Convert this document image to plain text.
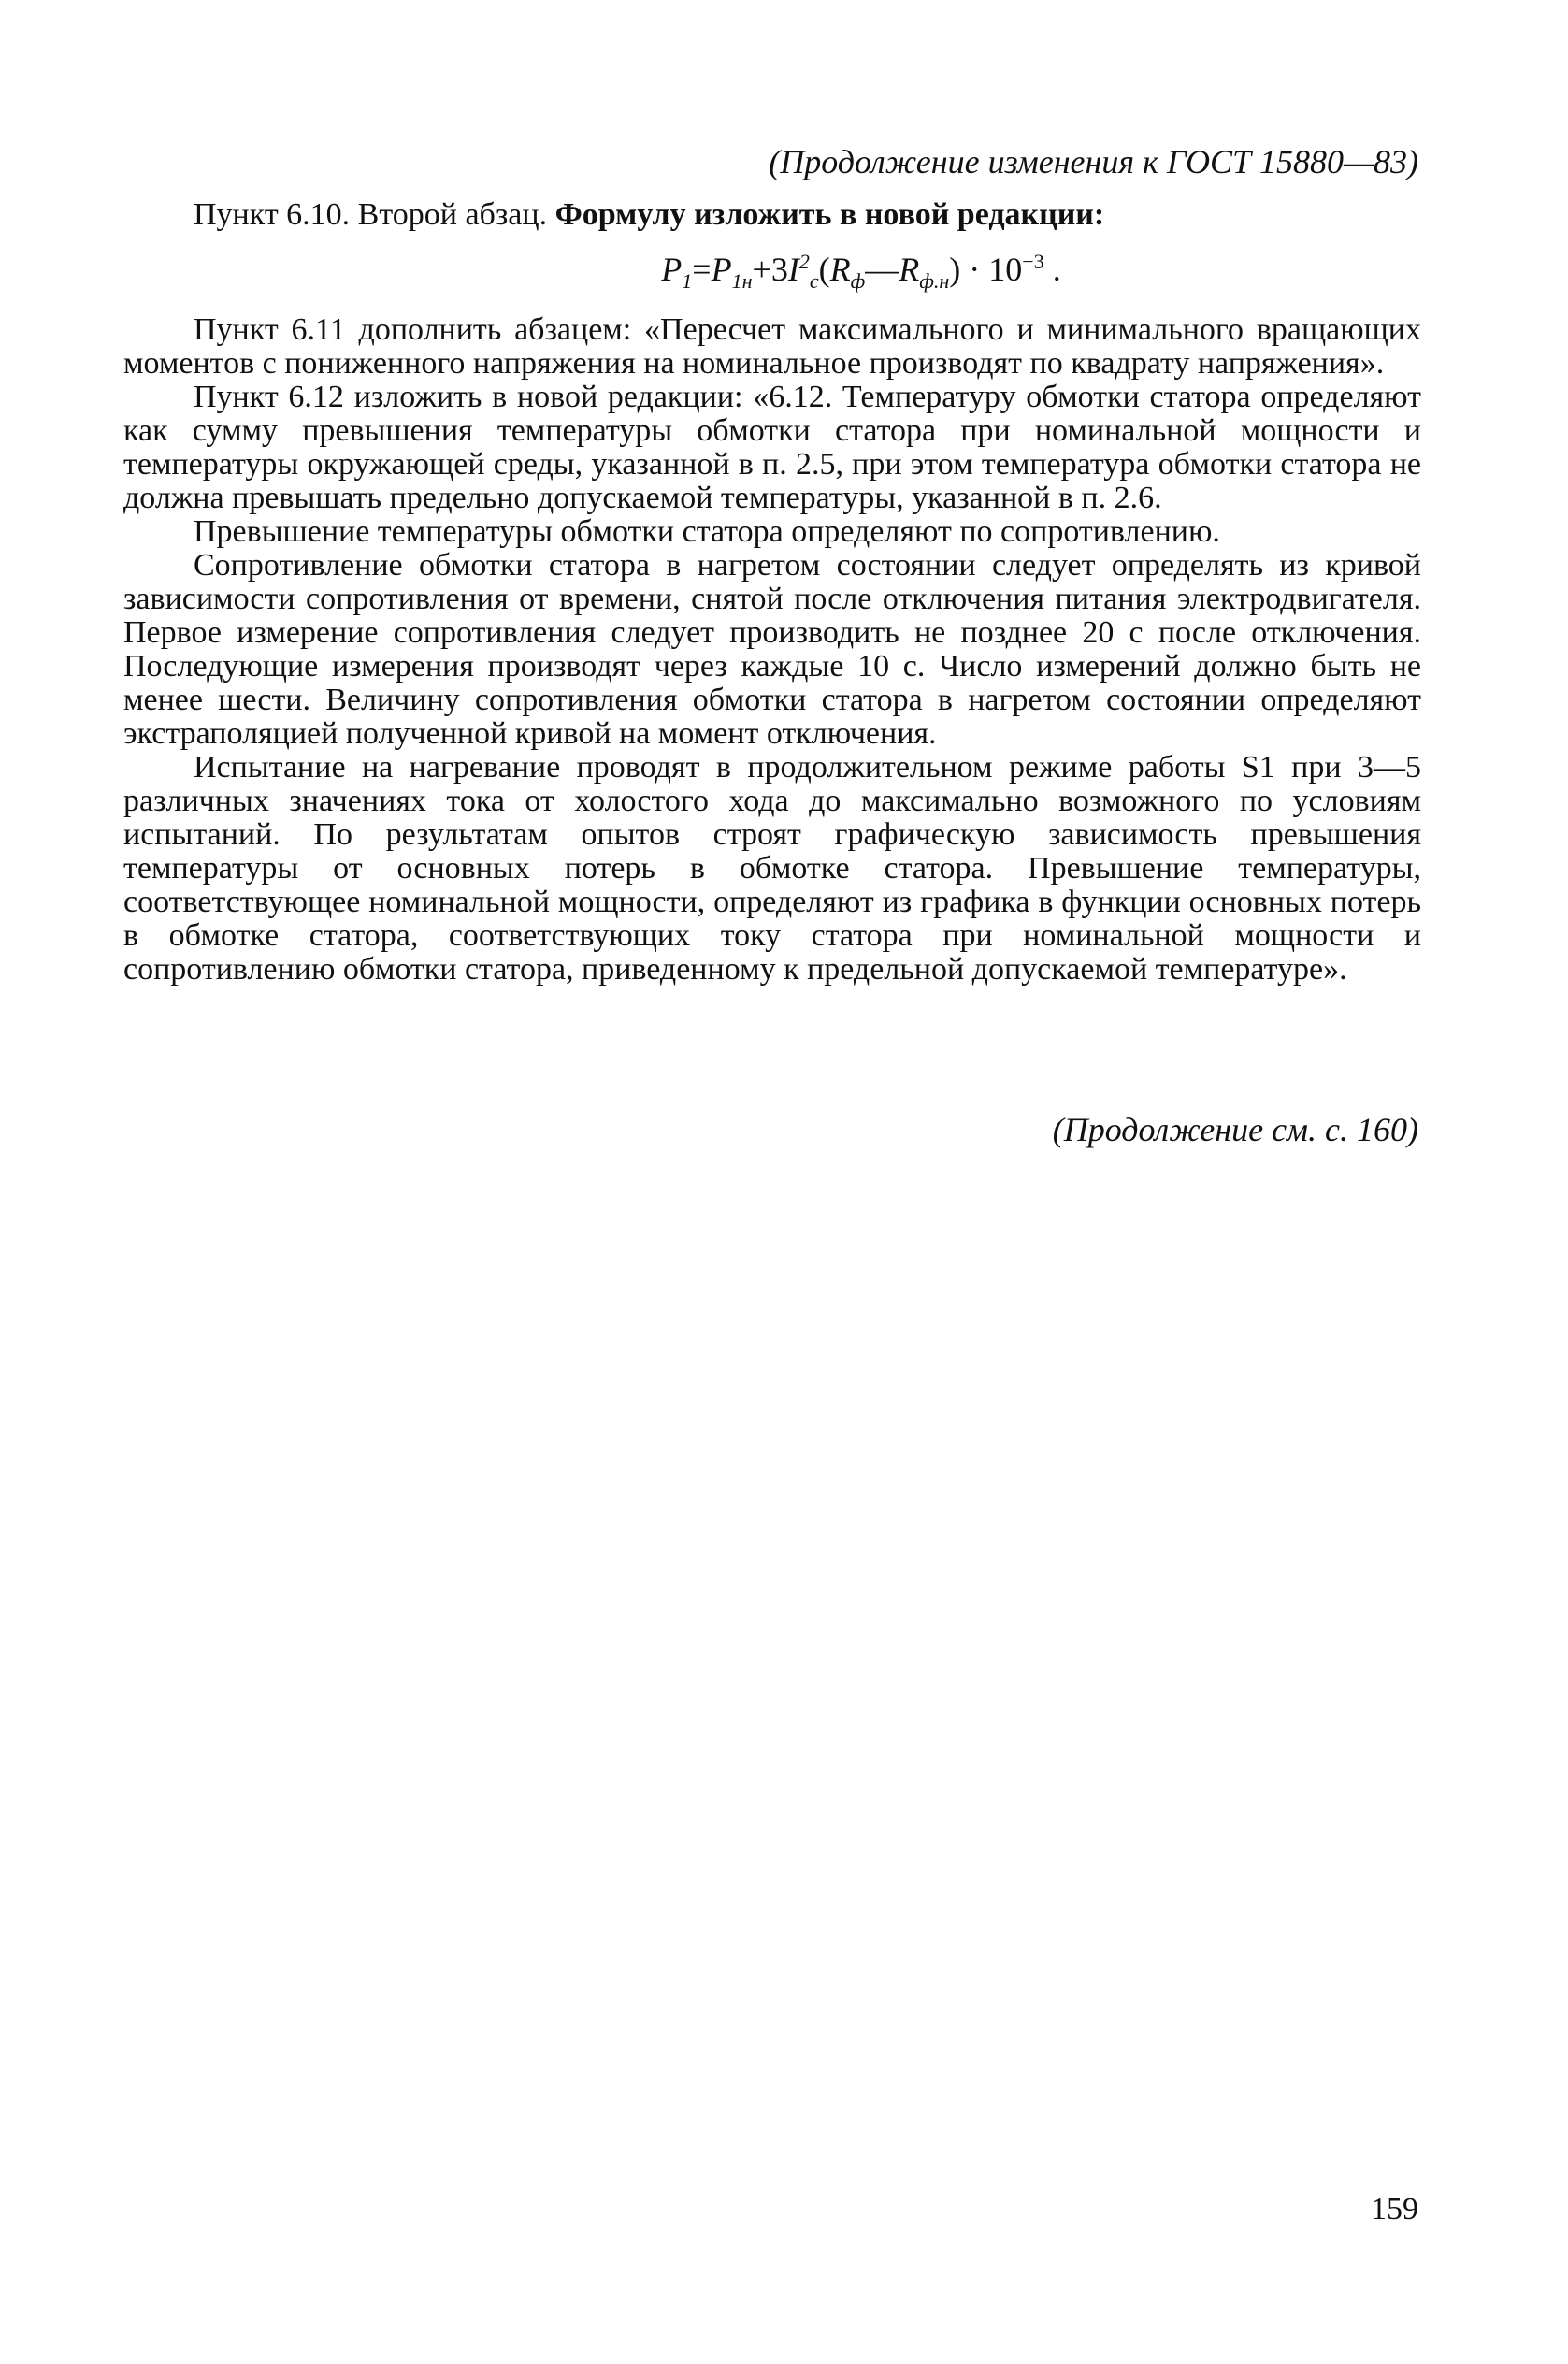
(Продолжение изменения к ГОСТ 15880—83)

Пункт 6.10. Второй абзац. Формулу изложить в новой редакции:

$P_1=P_{1н}+3I^2_с(R_ф—R_{ф.н}) \cdot 10^{-3}$ .

Пункт 6.11 дополнить абзацем: «Пересчет максимального и минимального вращающих моментов с пониженного напряжения на номинальное производят по квадрату напряжения».

Пункт 6.12 изложить в новой редакции: «6.12. Температуру обмотки статора определяют как сумму превышения температуры обмотки статора при номинальной мощности и температуры окружающей среды, указанной в п. 2.5, при этом температура обмотки статора не должна превышать предельно допускаемой температуры, указанной в п. 2.6.

Превышение температуры обмотки статора определяют по сопротивлению.

Сопротивление обмотки статора в нагретом состоянии следует определять из кривой зависимости сопротивления от времени, снятой после отключения питания электродвигателя. Первое измерение сопротивления следует производить не позднее 20 с после отключения. Последующие измерения производят через каждые 10 с. Число измерений должно быть не менее шести. Величину сопротивления обмотки статора в нагретом состоянии определяют экстраполяцией полученной кривой на момент отключения.

Испытание на нагревание проводят в продолжительном режиме работы S1 при 3—5 различных значениях тока от холостого хода до максимально возможного по условиям испытаний. По результатам опытов строят графическую зависимость превышения температуры от основных потерь в обмотке статора. Превышение температуры, соответствующее номинальной мощности, определяют из графика в функции основных потерь в обмотке статора, соответствующих току статора при номинальной мощности и сопротивлению обмотки статора, приведенному к предельной допускаемой температуре».

(Продолжение см. с. 160)
159
